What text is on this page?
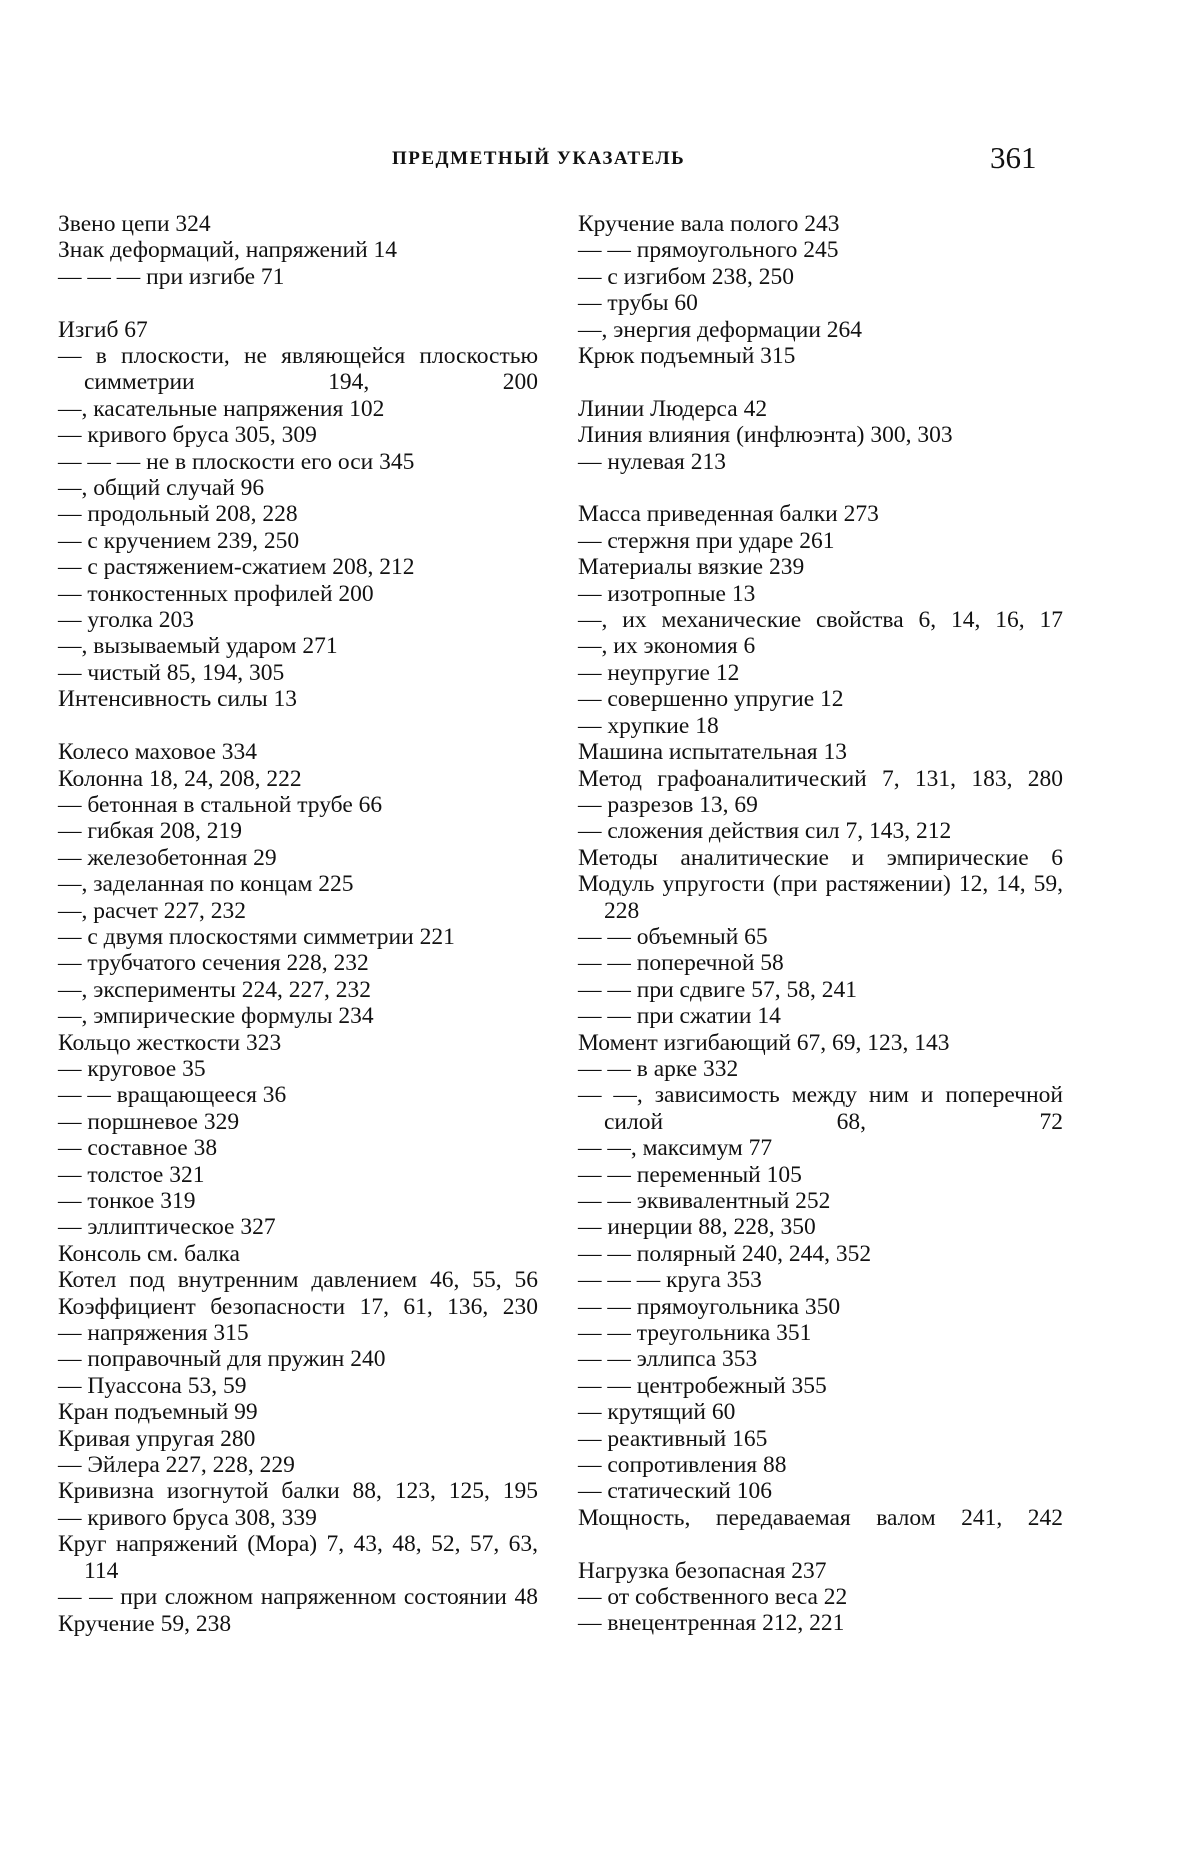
ПРЕДМЕТНЫЙ УКАЗАТЕЛЬ	361
Звено цепи 324
Знак деформаций, напряжений 14
— — — при изгибе 71
Изгиб 67
— в плоскости, не являющейся плоскостью симметрии 194, 200
—, касательные напряжения 102
— кривого бруса 305, 309
— — — не в плоскости его оси 345
—, общий случай 96
— продольный 208, 228
— с кручением 239, 250
— с растяжением-сжатием 208, 212
— тонкостенных профилей 200
— уголка 203
—, вызываемый ударом 271
— чистый 85, 194, 305
Интенсивность силы 13
Колесо маховое 334
Колонна 18, 24, 208, 222
— бетонная в стальной трубе 66
— гибкая 208, 219
— железобетонная 29
—, заделанная по концам 225
—, расчет 227, 232
— с двумя плоскостями симметрии 221
— трубчатого сечения 228, 232
—, эксперименты 224, 227, 232
—, эмпирические формулы 234
Кольцо жесткости 323
— круговое 35
— — вращающееся 36
— поршневое 329
— составное 38
— толстое 321
— тонкое 319
— эллиптическое 327
Консоль см. балка
Котел под внутренним давлением 46, 55, 56
Коэффициент безопасности 17, 61, 136, 230
— напряжения 315
— поправочный для пружин 240
— Пуассона 53, 59
Кран подъемный 99
Кривая упругая 280
— Эйлера 227, 228, 229
Кривизна изогнутой балки 88, 123, 125, 195
— кривого бруса 308, 339
Круг напряжений (Мора) 7, 43, 48, 52, 57, 63, 114
— — при сложном напряженном состоянии 48
Кручение 59, 238
Кручение вала полого 243
— — прямоугольного 245
— с изгибом 238, 250
— трубы 60
—, энергия деформации 264
Крюк подъемный 315
Линии Людерса 42
Линия влияния (инфлюэнта) 300, 303
— нулевая 213
Масса приведенная балки 273
— стержня при ударе 261
Материалы вязкие 239
— изотропные 13
—, их механические свойства 6, 14, 16, 17
—, их экономия 6
— неупругие 12
— совершенно упругие 12
— хрупкие 18
Машина испытательная 13
Метод графоаналитический 7, 131, 183, 280
— разрезов 13, 69
— сложения действия сил 7, 143, 212
Методы аналитические и эмпирические 6
Модуль упругости (при растяжении) 12, 14, 59, 228
— — объемный 65
— — поперечной 58
— — при сдвиге 57, 58, 241
— — при сжатии 14
Момент изгибающий 67, 69, 123, 143
— — в арке 332
— —, зависимость между ним и поперечной силой 68, 72
— —, максимум 77
— — переменный 105
— — эквивалентный 252
— инерции 88, 228, 350
— — полярный 240, 244, 352
— — — круга 353
— — прямоугольника 350
— — треугольника 351
— — эллипса 353
— — центробежный 355
— крутящий 60
— реактивный 165
— сопротивления 88
— статический 106
Мощность, передаваемая валом 241, 242
Нагрузка безопасная 237
— от собственного веса 22
— внецентренная 212, 221
